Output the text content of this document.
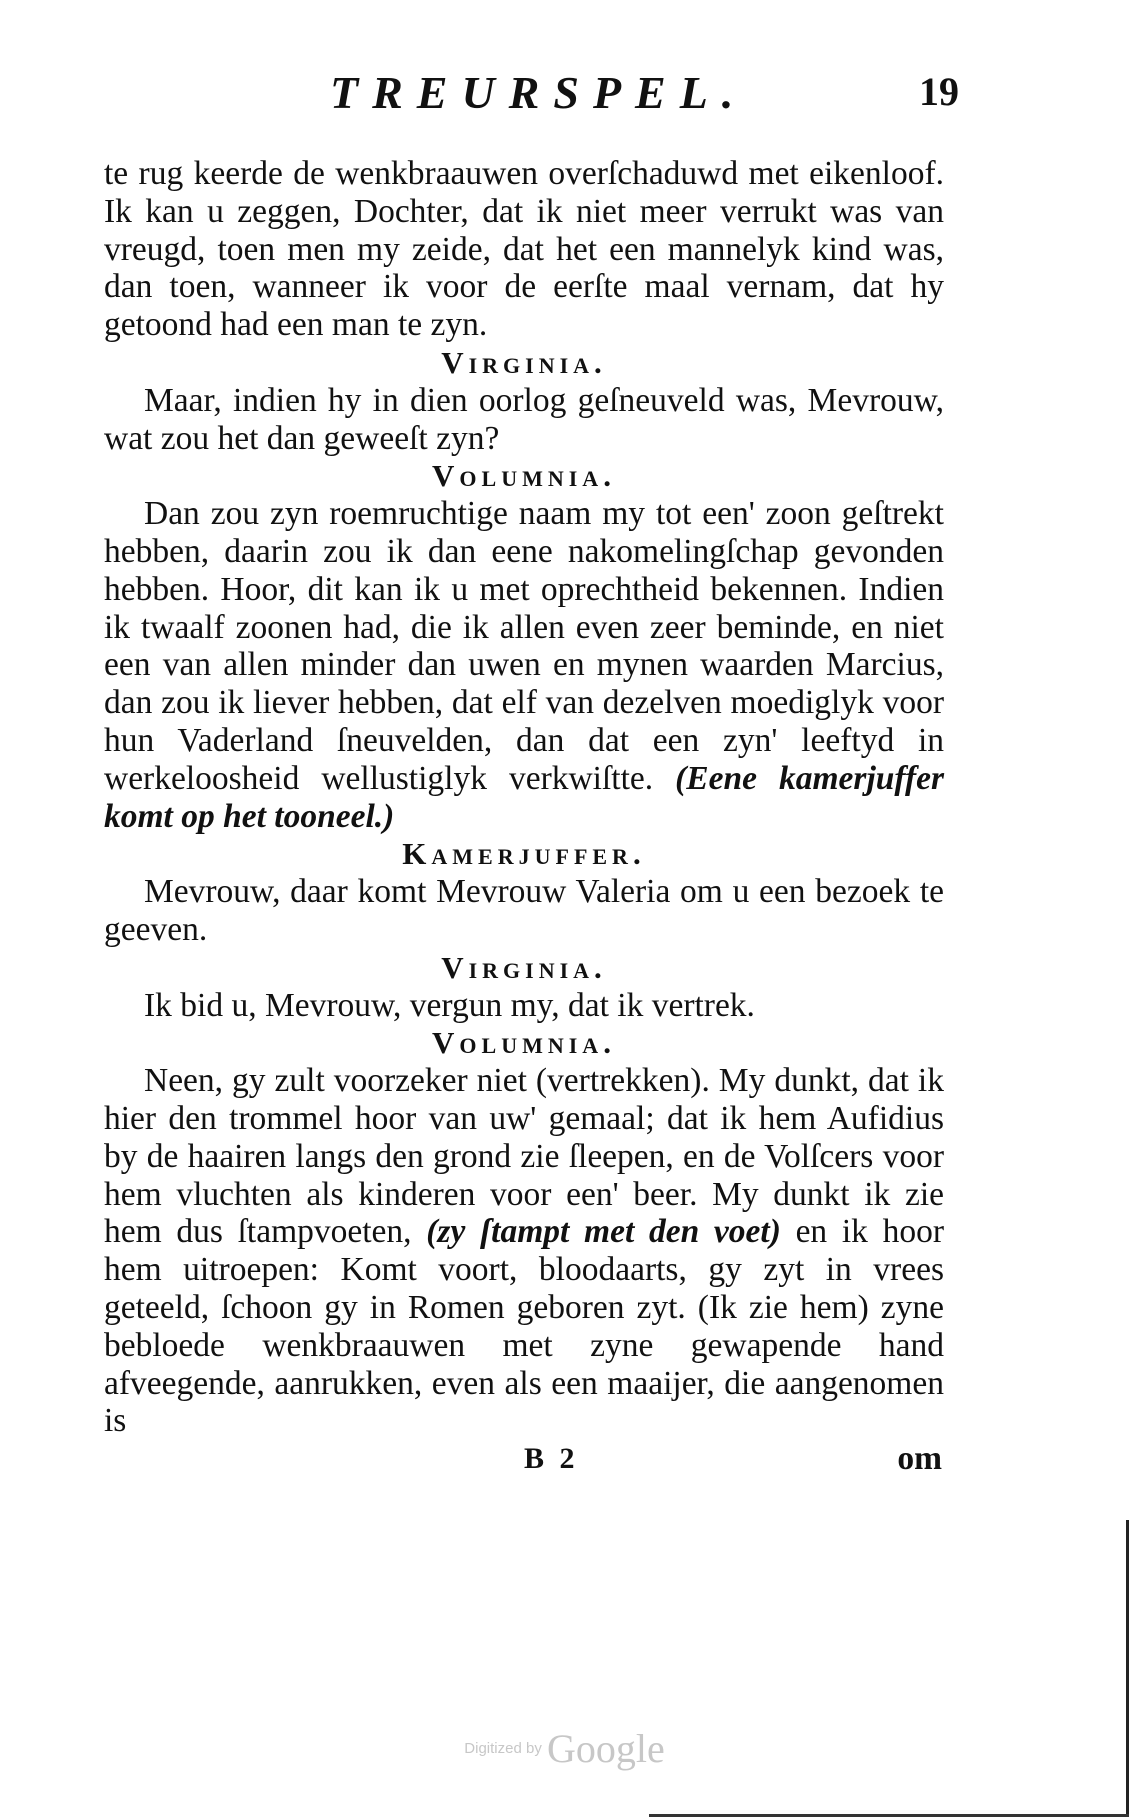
TREURSPEL.	19

te rug keerde de wenkbraauwen overſchaduwd met eikenloof. Ik kan u zeggen, Dochter, dat ik niet meer verrukt was van vreugd, toen men my zeide, dat het een mannelyk kind was, dan toen, wanneer ik voor de eerſte maal vernam, dat hy getoond had een man te zyn.

Virginia.

Maar, indien hy in dien oorlog geſneuveld was, Mevrouw, wat zou het dan geweeſt zyn?

Volumnia.

Dan zou zyn roemruchtige naam my tot een' zoon geſtrekt hebben, daarin zou ik dan eene nakomelingſchap gevonden hebben. Hoor, dit kan ik u met oprechtheid bekennen. Indien ik twaalf zoonen had, die ik allen even zeer beminde, en niet een van allen minder dan uwen en mynen waarden Marcius, dan zou ik liever hebben, dat elf van dezelven moediglyk voor hun Vaderland ſneuvelden, dan dat een zyn' leeftyd in werkeloosheid wellustiglyk verkwiſtte. (Eene kamerjuffer komt op het tooneel.)

Kamerjuffer.

Mevrouw, daar komt Mevrouw Valeria om u een bezoek te geeven.

Virginia.

Ik bid u, Mevrouw, vergun my, dat ik vertrek.

Volumnia.

Neen, gy zult voorzeker niet (vertrekken). My dunkt, dat ik hier den trommel hoor van uw' gemaal; dat ik hem Aufidius by de haairen langs den grond zie ſleepen, en de Volſcers voor hem vluchten als kinderen voor een' beer. My dunkt ik zie hem dus ſtampvoeten, (zy ſtampt met den voet) en ik hoor hem uitroepen: Komt voort, bloodaarts, gy zyt in vrees geteeld, ſchoon gy in Romen geboren zyt. (Ik zie hem) zyne bebloede wenkbraauwen met zyne gewapende hand afveegende, aanrukken, even als een maaijer, die aangenomen is

B 2	om
Digitized by Google
